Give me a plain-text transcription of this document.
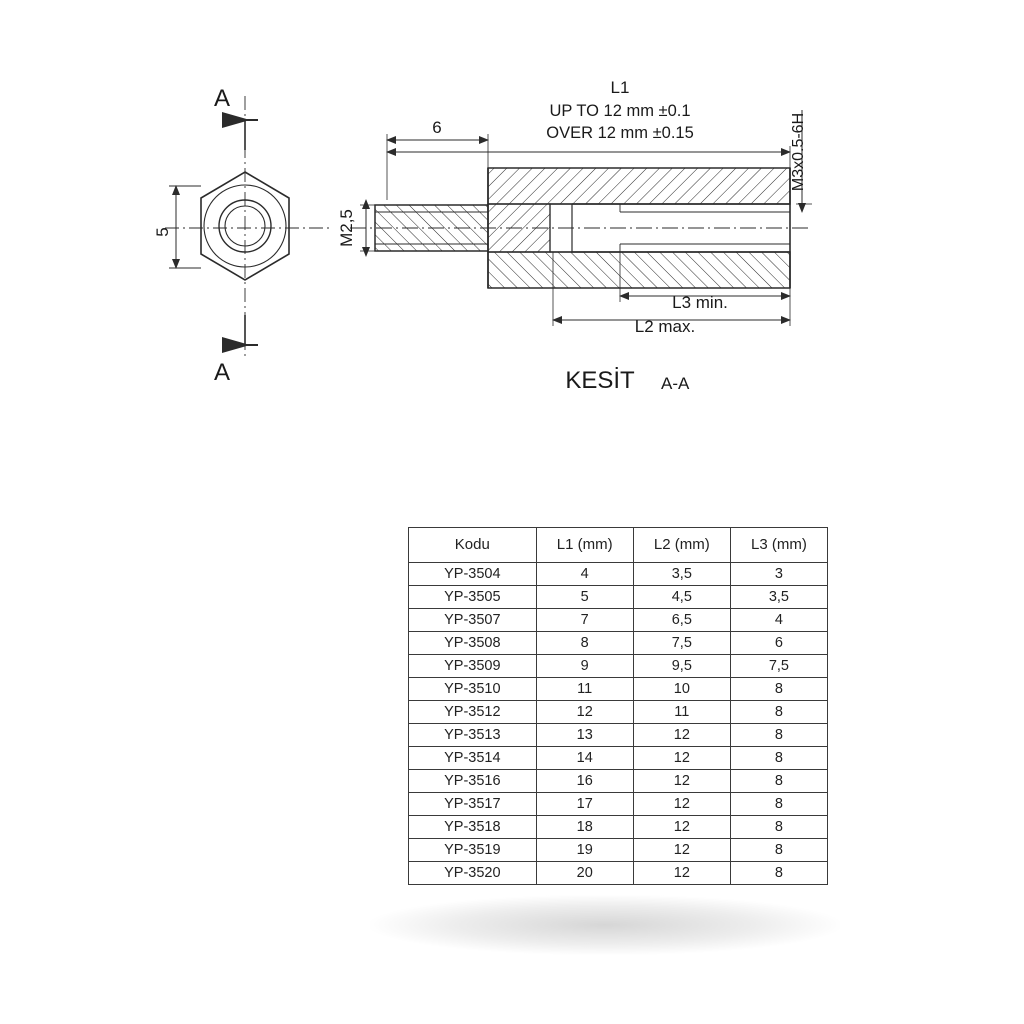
5
A
A
6
L1
UP TO 12 mm ±0.1
OVER 12 mm ±0.15
M2,5
M3x0.5-6H
L3 min.
L2 max.
KESİT A-A
Kodu	L1 (mm)	L2 (mm)	L3 (mm)
YP-3504	4	3,5	3
YP-3505	5	4,5	3,5
YP-3507	7	6,5	4
YP-3508	8	7,5	6
YP-3509	9	9,5	7,5
YP-3510	11	10	8
YP-3512	12	11	8
YP-3513	13	12	8
YP-3514	14	12	8
YP-3516	16	12	8
YP-3517	17	12	8
YP-3518	18	12	8
YP-3519	19	12	8
YP-3520	20	12	8
